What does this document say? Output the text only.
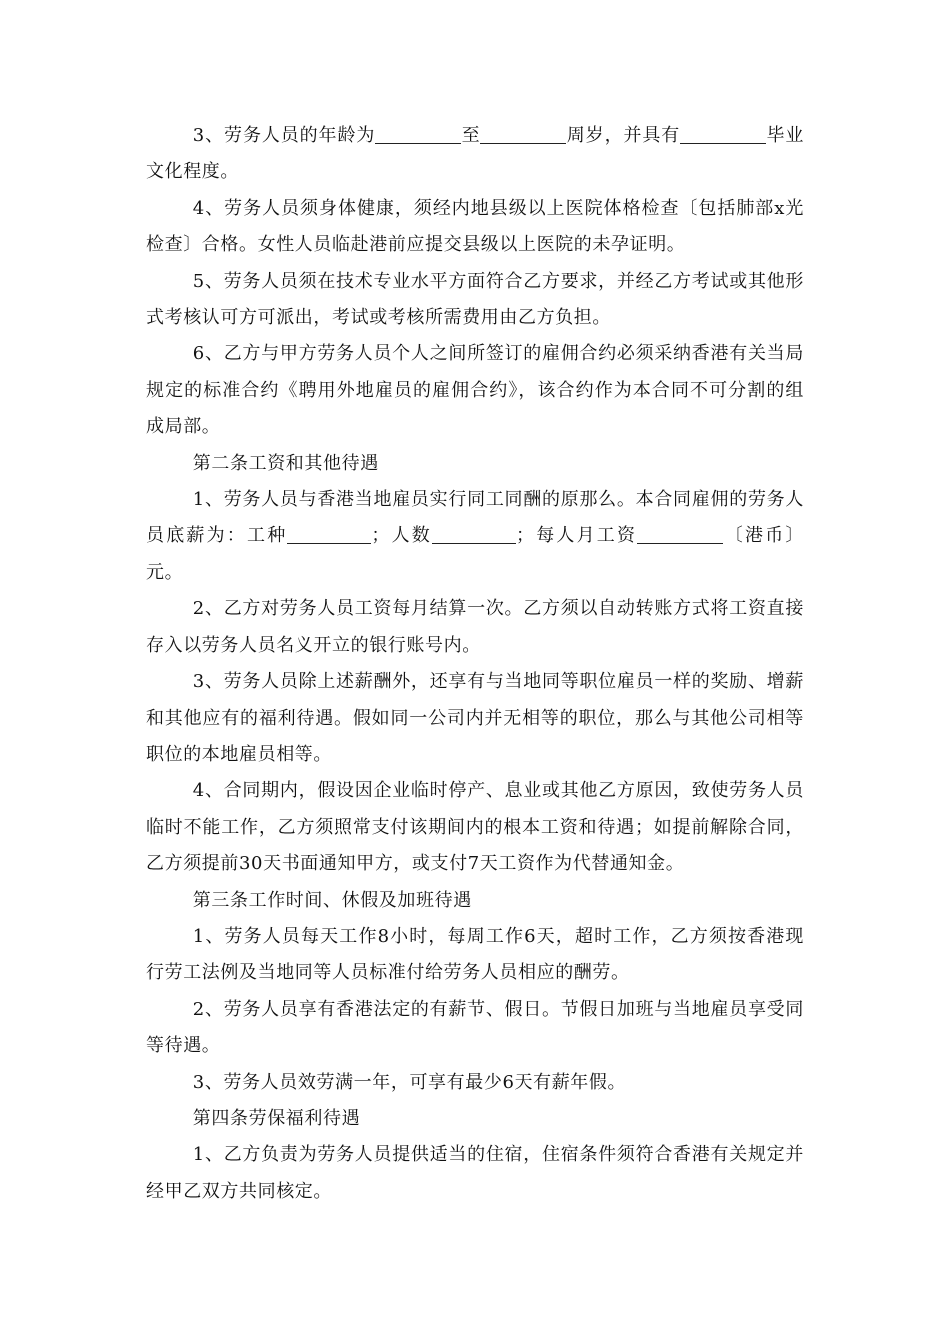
3、劳务人员的年龄为	至	周岁，并具有	毕业文化程度。

4、劳务人员须身体健康，须经内地县级以上医院体格检查〔包括肺部x光检查〕合格。女性人员临赴港前应提交县级以上医院的未孕证明。

5、劳务人员须在技术专业水平方面符合乙方要求，并经乙方考试或其他形式考核认可方可派出，考试或考核所需费用由乙方负担。

6、乙方与甲方劳务人员个人之间所签订的雇佣合约必须采纳香港有关当局规定的标准合约《聘用外地雇员的雇佣合约》，该合约作为本合同不可分割的组成局部。

第二条工资和其他待遇

1、劳务人员与香港当地雇员实行同工同酬的原那么。本合同雇佣的劳务人员底薪为：工种	；人数	；每人月工资	〔港币〕元。

2、乙方对劳务人员工资每月结算一次。乙方须以自动转账方式将工资直接存入以劳务人员名义开立的银行账号内。

3、劳务人员除上述薪酬外，还享有与当地同等职位雇员一样的奖励、增薪和其他应有的福利待遇。假如同一公司内并无相等的职位，那么与其他公司相等职位的本地雇员相等。

4、合同期内，假设因企业临时停产、息业或其他乙方原因，致使劳务人员临时不能工作，乙方须照常支付该期间内的根本工资和待遇；如提前解除合同，乙方须提前30天书面通知甲方，或支付7天工资作为代替通知金。

第三条工作时间、休假及加班待遇

1、劳务人员每天工作8小时，每周工作6天，超时工作，乙方须按香港现行劳工法例及当地同等人员标准付给劳务人员相应的酬劳。

2、劳务人员享有香港法定的有薪节、假日。节假日加班与当地雇员享受同等待遇。

3、劳务人员效劳满一年，可享有最少6天有薪年假。

第四条劳保福利待遇

1、乙方负责为劳务人员提供适当的住宿，住宿条件须符合香港有关规定并经甲乙双方共同核定。
